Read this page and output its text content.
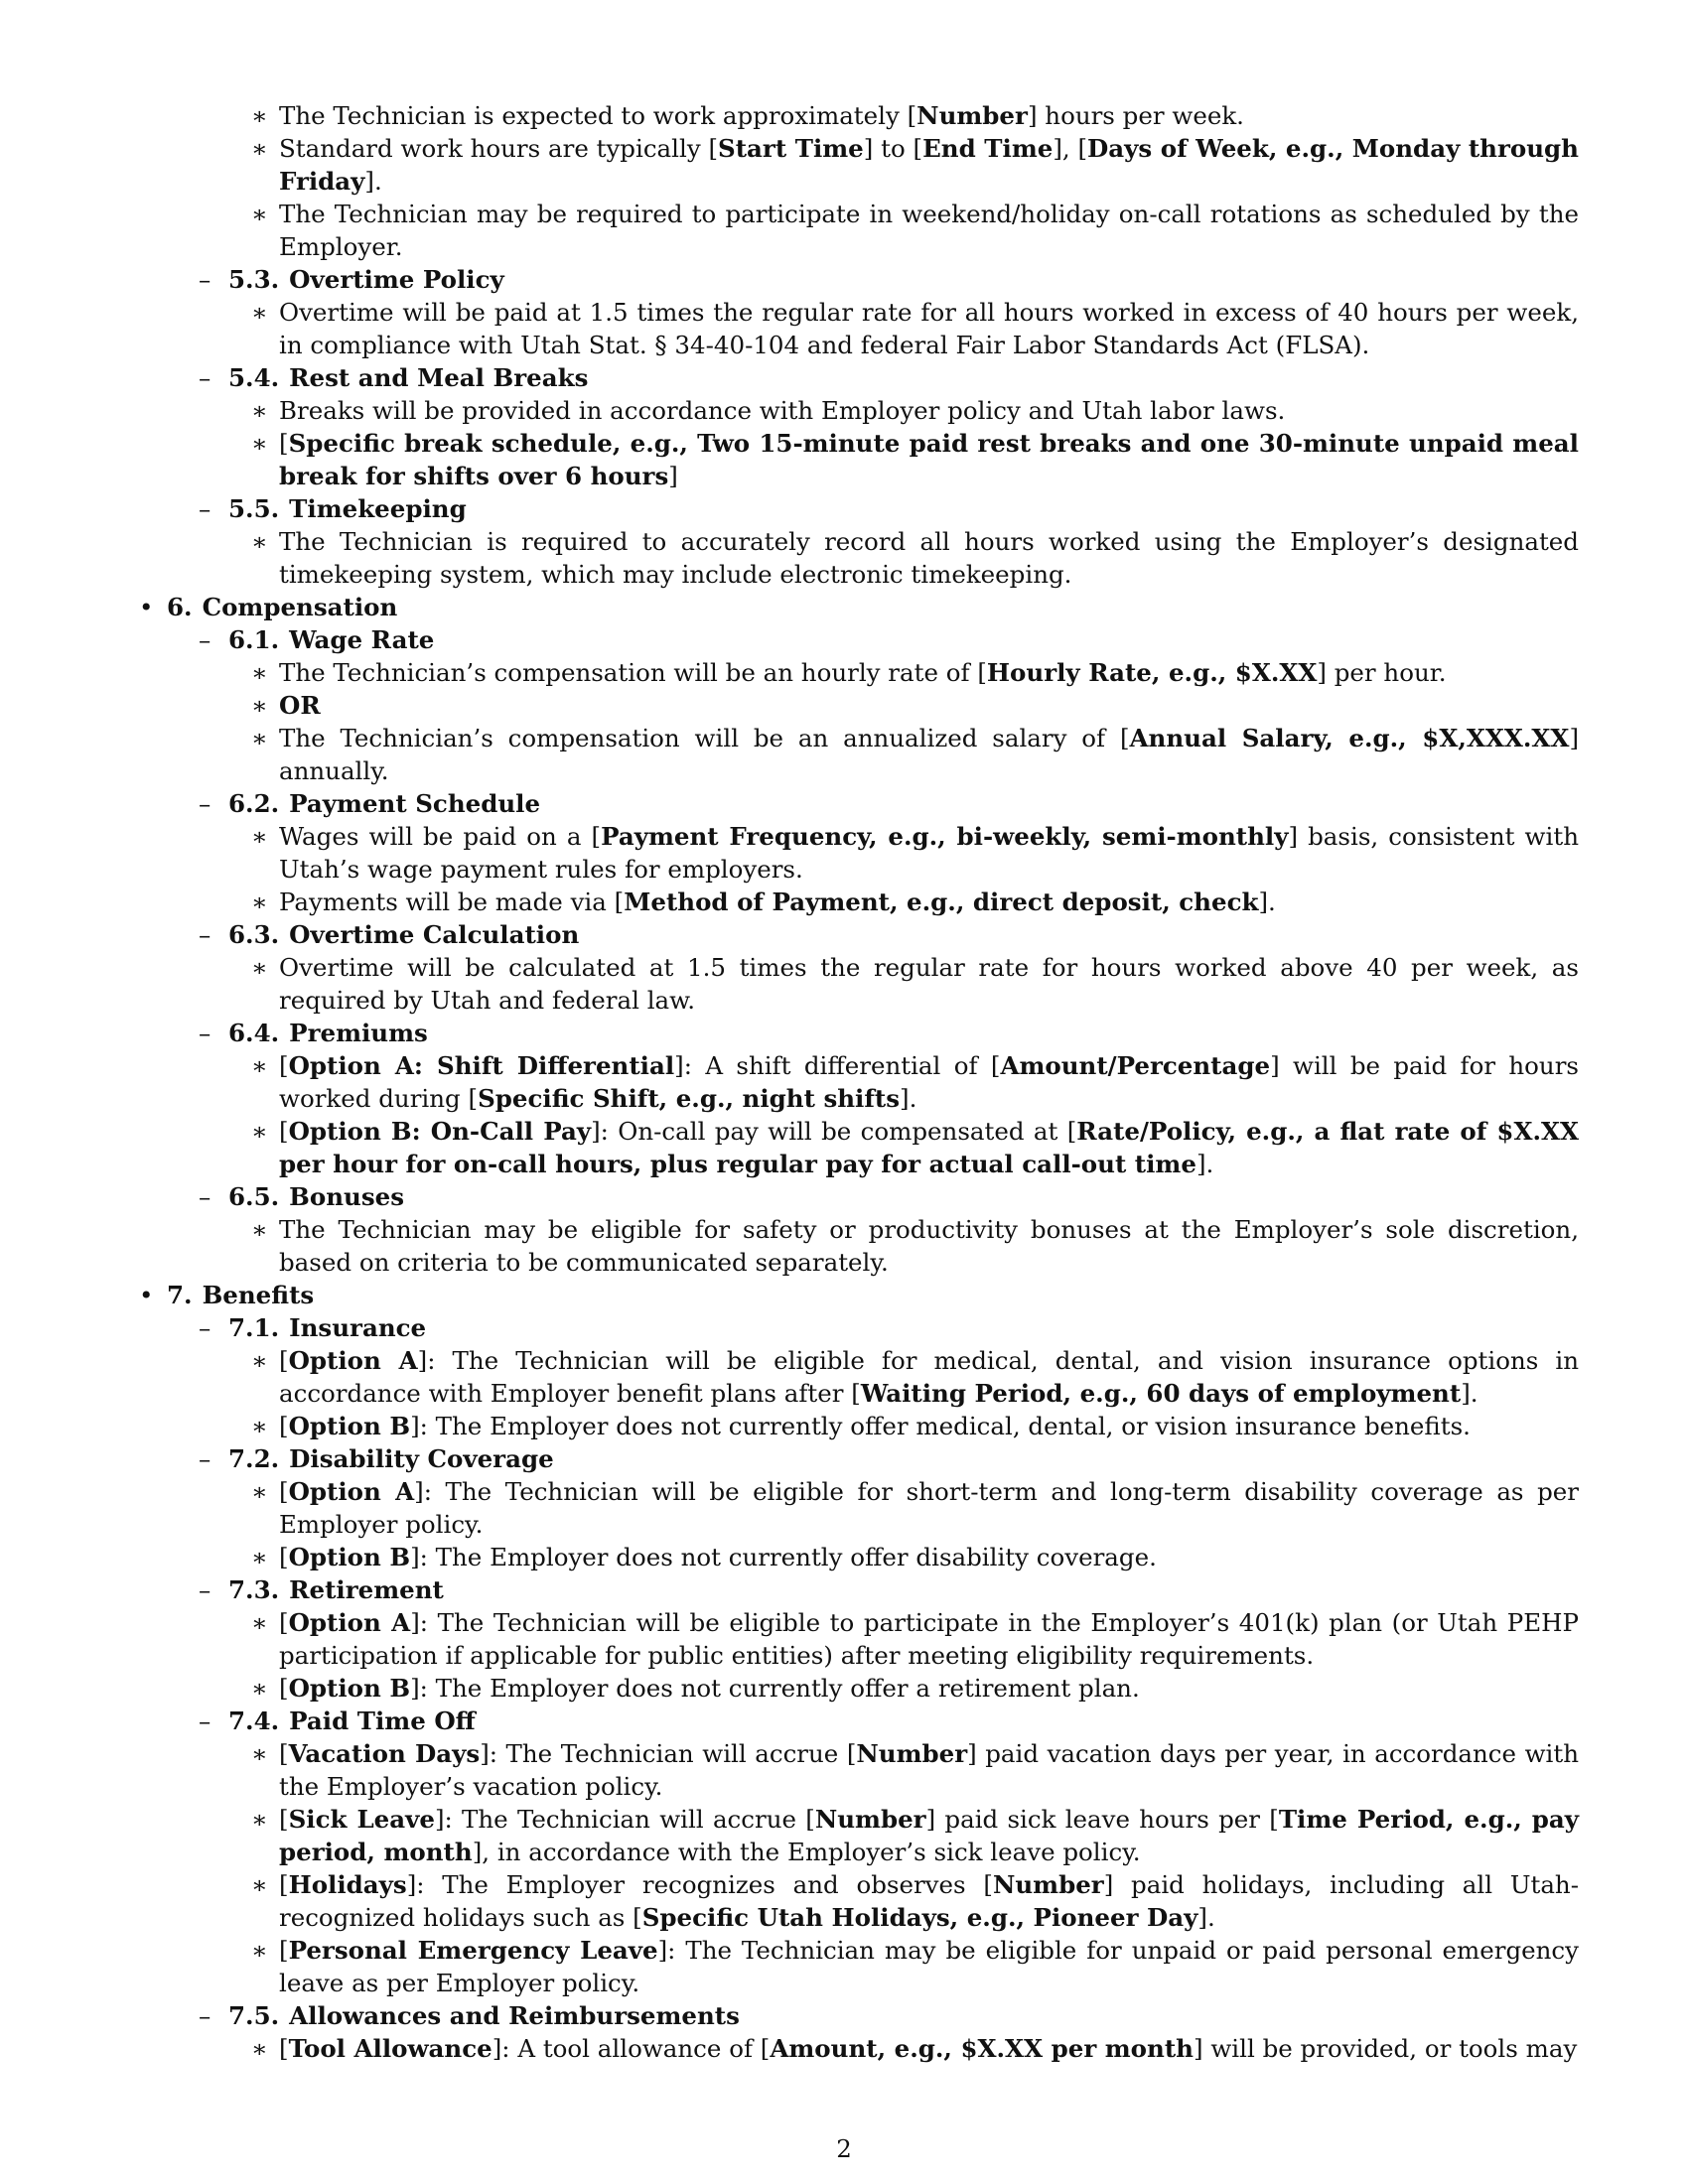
∗ The Technician is expected to work approximately [Number] hours per week.
∗ Standard work hours are typically [Start Time] to [End Time], [Days of Week, e.g., Monday through Friday].
∗ The Technician may be required to participate in weekend/holiday on-call rotations as scheduled by the Employer.
– 5.3. Overtime Policy
∗ Overtime will be paid at 1.5 times the regular rate for all hours worked in excess of 40 hours per week, in compliance with Utah Stat. § 34-40-104 and federal Fair Labor Standards Act (FLSA).
– 5.4. Rest and Meal Breaks
∗ Breaks will be provided in accordance with Employer policy and Utah labor laws.
∗ [Specific break schedule, e.g., Two 15-minute paid rest breaks and one 30-minute unpaid meal break for shifts over 6 hours]
– 5.5. Timekeeping
∗ The Technician is required to accurately record all hours worked using the Employer’s designated timekeeping system, which may include electronic timekeeping.
• 6. Compensation
– 6.1. Wage Rate
∗ The Technician’s compensation will be an hourly rate of [Hourly Rate, e.g., $X.XX] per hour.
∗ OR
∗ The Technician’s compensation will be an annualized salary of [Annual Salary, e.g., $X,XXX.XX] annually.
– 6.2. Payment Schedule
∗ Wages will be paid on a [Payment Frequency, e.g., bi-weekly, semi-monthly] basis, consistent with Utah’s wage payment rules for employers.
∗ Payments will be made via [Method of Payment, e.g., direct deposit, check].
– 6.3. Overtime Calculation
∗ Overtime will be calculated at 1.5 times the regular rate for hours worked above 40 per week, as required by Utah and federal law.
– 6.4. Premiums
∗ [Option A: Shift Differential]: A shift differential of [Amount/Percentage] will be paid for hours worked during [Specific Shift, e.g., night shifts].
∗ [Option B: On-Call Pay]: On-call pay will be compensated at [Rate/Policy, e.g., a flat rate of $X.XX per hour for on-call hours, plus regular pay for actual call-out time].
– 6.5. Bonuses
∗ The Technician may be eligible for safety or productivity bonuses at the Employer’s sole discretion, based on criteria to be communicated separately.
• 7. Benefits
– 7.1. Insurance
∗ [Option A]: The Technician will be eligible for medical, dental, and vision insurance options in accordance with Employer benefit plans after [Waiting Period, e.g., 60 days of employment].
∗ [Option B]: The Employer does not currently offer medical, dental, or vision insurance benefits.
– 7.2. Disability Coverage
∗ [Option A]: The Technician will be eligible for short-term and long-term disability coverage as per Employer policy.
∗ [Option B]: The Employer does not currently offer disability coverage.
– 7.3. Retirement
∗ [Option A]: The Technician will be eligible to participate in the Employer’s 401(k) plan (or Utah PEHP participation if applicable for public entities) after meeting eligibility requirements.
∗ [Option B]: The Employer does not currently offer a retirement plan.
– 7.4. Paid Time Off
∗ [Vacation Days]: The Technician will accrue [Number] paid vacation days per year, in accordance with the Employer’s vacation policy.
∗ [Sick Leave]: The Technician will accrue [Number] paid sick leave hours per [Time Period, e.g., pay period, month], in accordance with the Employer’s sick leave policy.
∗ [Holidays]: The Employer recognizes and observes [Number] paid holidays, including all Utah-recognized holidays such as [Specific Utah Holidays, e.g., Pioneer Day].
∗ [Personal Emergency Leave]: The Technician may be eligible for unpaid or paid personal emergency leave as per Employer policy.
– 7.5. Allowances and Reimbursements
∗ [Tool Allowance]: A tool allowance of [Amount, e.g., $X.XX per month] will be provided, or tools may
2
